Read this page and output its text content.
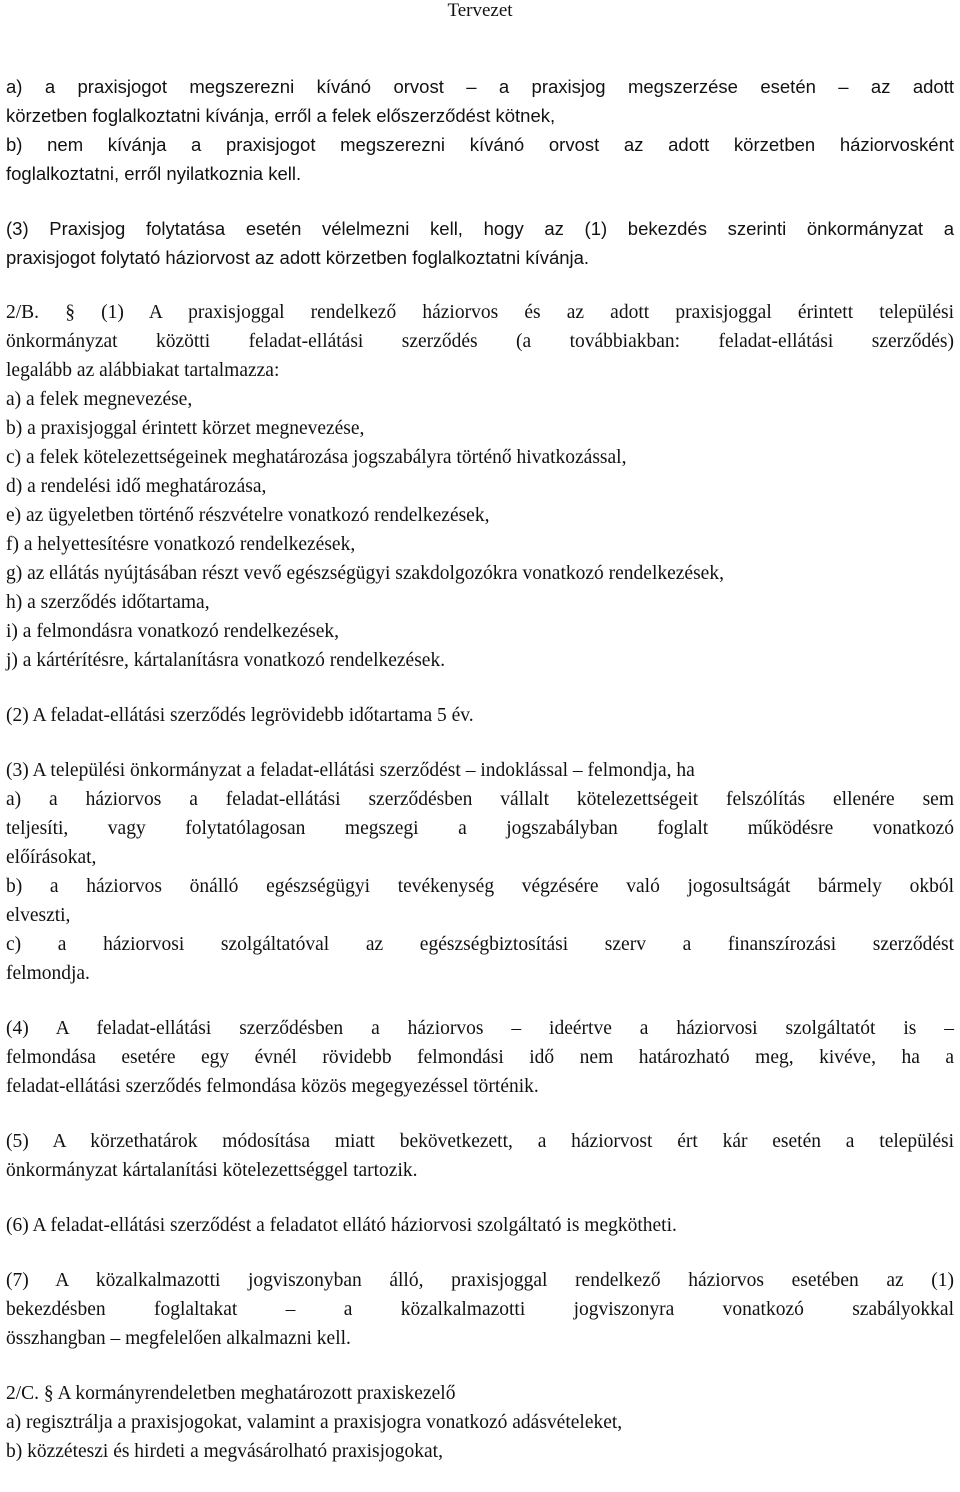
Tervezet

a) a praxisjogot megszerezni kívánó orvost – a praxisjog megszerzése esetén – az adott
körzetben foglalkoztatni kívánja, erről a felek előszerződést kötnek,
b) nem kívánja a praxisjogot megszerezni kívánó orvost az adott körzetben háziorvosként
foglalkoztatni, erről nyilatkoznia kell.

(3) Praxisjog folytatása esetén vélelmezni kell, hogy az (1) bekezdés szerinti önkormányzat a
praxisjogot folytató háziorvost az adott körzetben foglalkoztatni kívánja.

2/B. § (1) A praxisjoggal rendelkező háziorvos és az adott praxisjoggal érintett települési
önkormányzat közötti feladat-ellátási szerződés (a továbbiakban: feladat-ellátási szerződés)
legalább az alábbiakat tartalmazza:
a) a felek megnevezése,
b) a praxisjoggal érintett körzet megnevezése,
c) a felek kötelezettségeinek meghatározása jogszabályra történő hivatkozással,
d) a rendelési idő meghatározása,
e) az ügyeletben történő részvételre vonatkozó rendelkezések,
f) a helyettesítésre vonatkozó rendelkezések,
g) az ellátás nyújtásában részt vevő egészségügyi szakdolgozókra vonatkozó rendelkezések,
h) a szerződés időtartama,
i) a felmondásra vonatkozó rendelkezések,
j) a kártérítésre, kártalanításra vonatkozó rendelkezések.

(2) A feladat-ellátási szerződés legrövidebb időtartama 5 év.

(3) A települési önkormányzat a feladat-ellátási szerződést – indoklással – felmondja, ha
a) a háziorvos a feladat-ellátási szerződésben vállalt kötelezettségeit felszólítás ellenére sem
teljesíti, vagy folytatólagosan megszegi a jogszabályban foglalt működésre vonatkozó
előírásokat,
b) a háziorvos önálló egészségügyi tevékenység végzésére való jogosultságát bármely okból
elveszti,
c) a háziorvosi szolgáltatóval az egészségbiztosítási szerv a finanszírozási szerződést
felmondja.

(4) A feladat-ellátási szerződésben a háziorvos – ideértve a háziorvosi szolgáltatót is –
felmondása esetére egy évnél rövidebb felmondási idő nem határozható meg, kivéve, ha a
feladat-ellátási szerződés felmondása közös megegyezéssel történik.

(5) A körzethatárok módosítása miatt bekövetkezett, a háziorvost ért kár esetén a települési
önkormányzat kártalanítási kötelezettséggel tartozik.

(6) A feladat-ellátási szerződést a feladatot ellátó háziorvosi szolgáltató is megkötheti.

(7) A közalkalmazotti jogviszonyban álló, praxisjoggal rendelkező háziorvos esetében az (1)
bekezdésben foglaltakat – a közalkalmazotti jogviszonyra vonatkozó szabályokkal
összhangban – megfelelően alkalmazni kell.

2/C. § A kormányrendeletben meghatározott praxiskezelő
a) regisztrálja a praxisjogokat, valamint a praxisjogra vonatkozó adásvételeket,
b) közzéteszi és hirdeti a megvásárolható praxisjogokat,
